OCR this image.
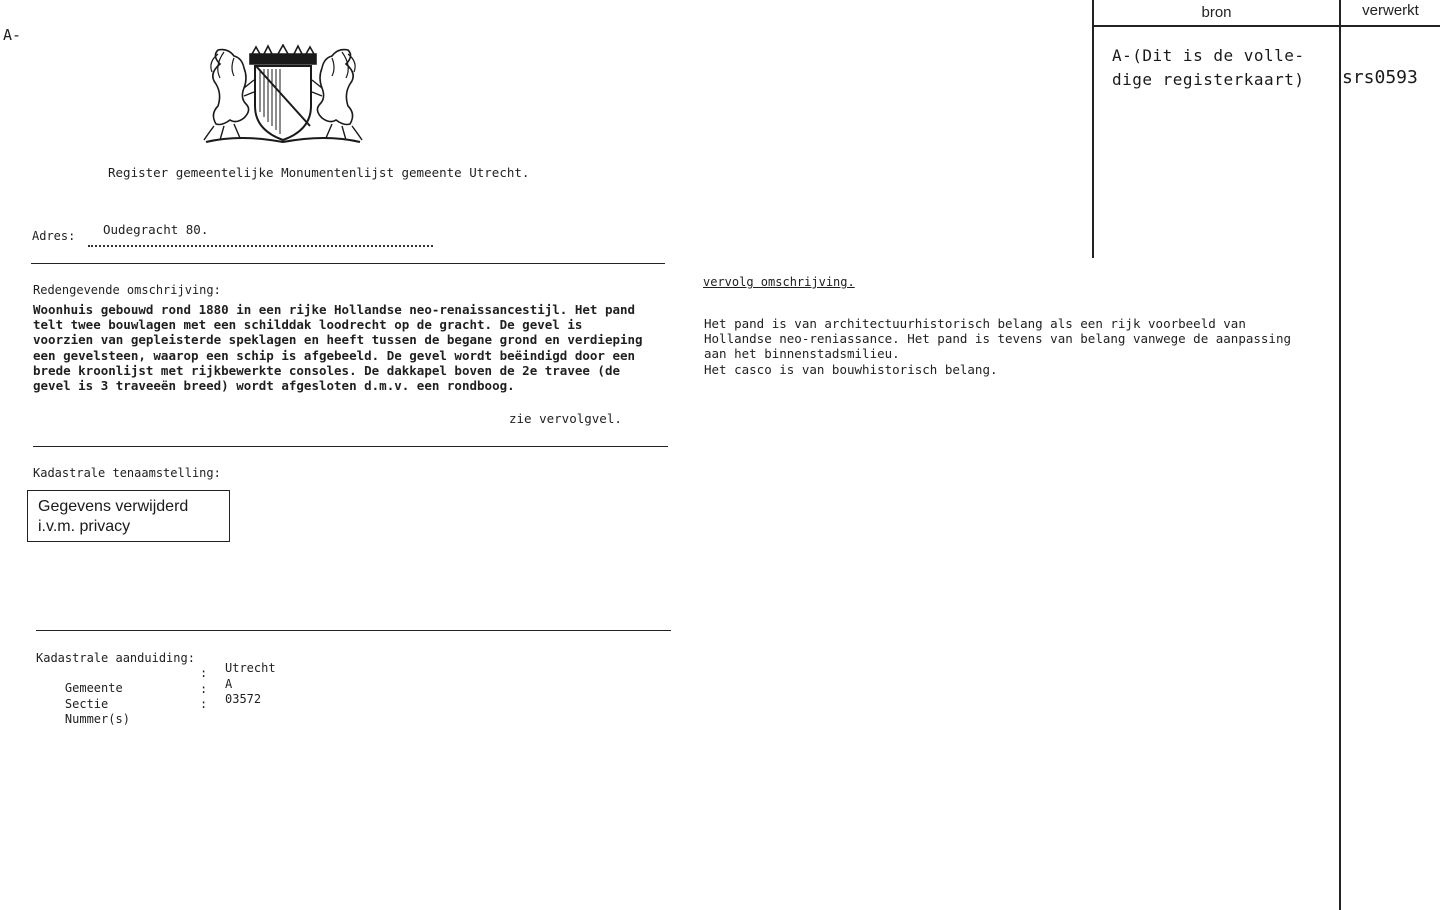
A-
bron	verwerkt
A-(Dit is de volle-
dige registerkaart) srs0593
Register gemeentelijke Monumentenlijst gemeente Utrecht.
Adres: Oudegracht 80.
Redengevende omschrijving:
Woonhuis gebouwd rond 1880 in een rijke Hollandse neo-renaissancestijl. Het pand
telt twee bouwlagen met een schilddak loodrecht op de gracht. De gevel is
voorzien van gepleisterde speklagen en heeft tussen de begane grond en verdieping
een gevelsteen, waarop een schip is afgebeeld. De gevel wordt beëindigd door een
brede kroonlijst met rijkbewerkte consoles. De dakkapel boven de 2e travee (de
gevel is 3 traveeën breed) wordt afgesloten d.m.v. een rondboog.
zie vervolgvel.
Kadastrale tenaamstelling:
Gegevens verwijderd
i.v.m. privacy
Kadastrale aanduiding:

Gemeente

: Utrecht

Sectie

: A

Nummer(s)

: 03572
vervolg omschrijving.
Het pand is van architectuurhistorisch belang als een rijk voorbeeld van
Hollandse neo-reniassance. Het pand is tevens van belang vanwege de aanpassing
aan het binnenstadsmilieu.
Het casco is van bouwhistorisch belang.
